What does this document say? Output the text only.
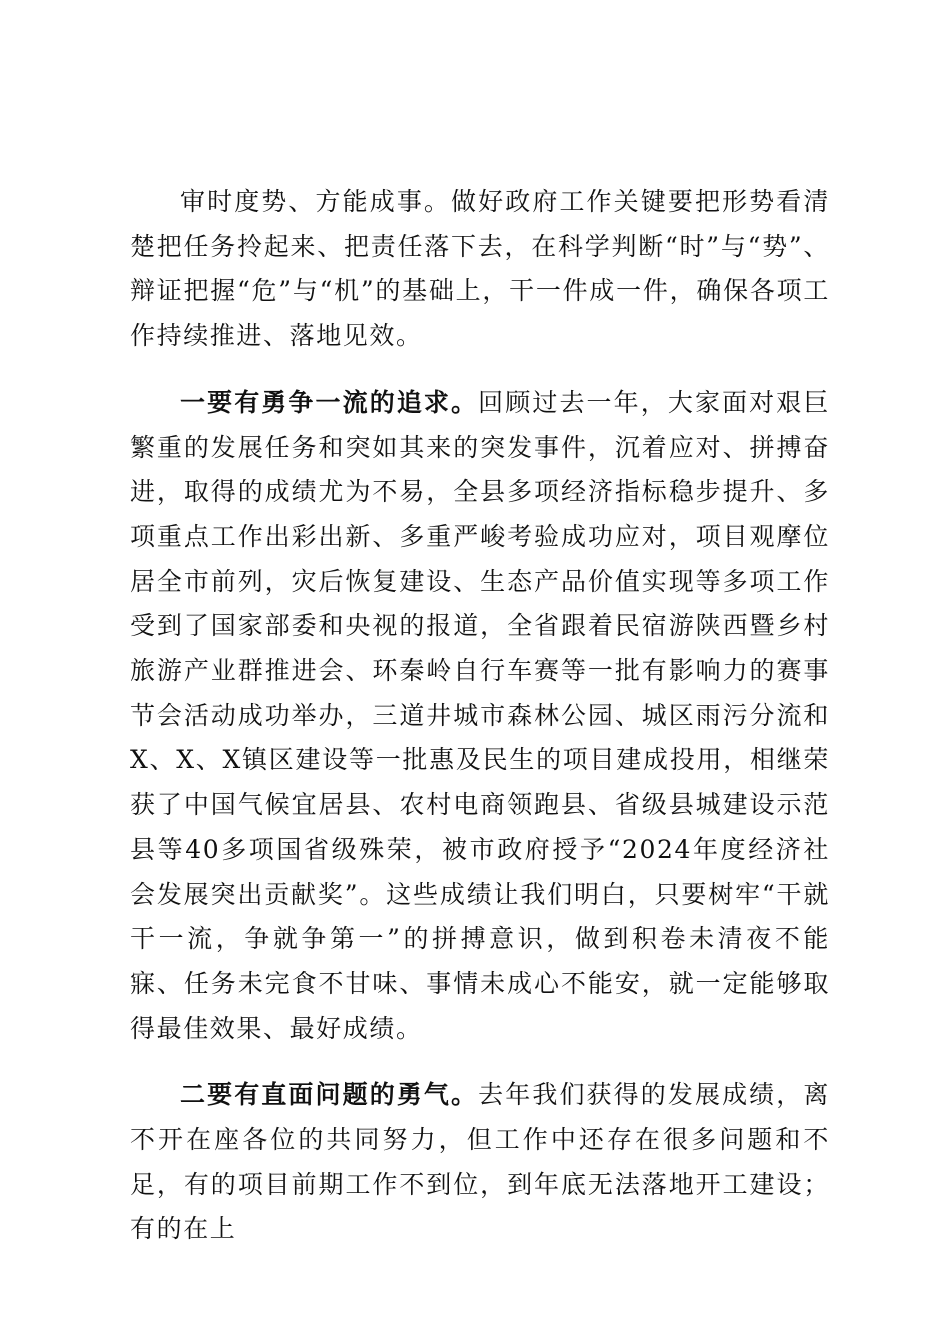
审时度势、方能成事。做好政府工作关键要把形势看清楚把任务拎起来、把责任落下去，在科学判断“时”与“势”、辩证把握“危”与“机”的基础上，干一件成一件，确保各项工作持续推进、落地见效。

一要有勇争一流的追求。回顾过去一年，大家面对艰巨繁重的发展任务和突如其来的突发事件，沉着应对、拼搏奋进，取得的成绩尤为不易，全县多项经济指标稳步提升、多项重点工作出彩出新、多重严峻考验成功应对，项目观摩位居全市前列，灾后恢复建设、生态产品价值实现等多项工作受到了国家部委和央视的报道，全省跟着民宿游陕西暨乡村旅游产业群推进会、环秦岭自行车赛等一批有影响力的赛事节会活动成功举办，三道井城市森林公园、城区雨污分流和X、X、X镇区建设等一批惠及民生的项目建成投用，相继荣获了中国气候宜居县、农村电商领跑县、省级县城建设示范县等40多项国省级殊荣，被市政府授予“2024年度经济社会发展突出贡献奖”。这些成绩让我们明白，只要树牢“干就干一流，争就争第一”的拼搏意识，做到积卷未清夜不能寐、任务未完食不甘味、事情未成心不能安，就一定能够取得最佳效果、最好成绩。

二要有直面问题的勇气。去年我们获得的发展成绩，离不开在座各位的共同努力，但工作中还存在很多问题和不足，有的项目前期工作不到位，到年底无法落地开工建设；有的在上
